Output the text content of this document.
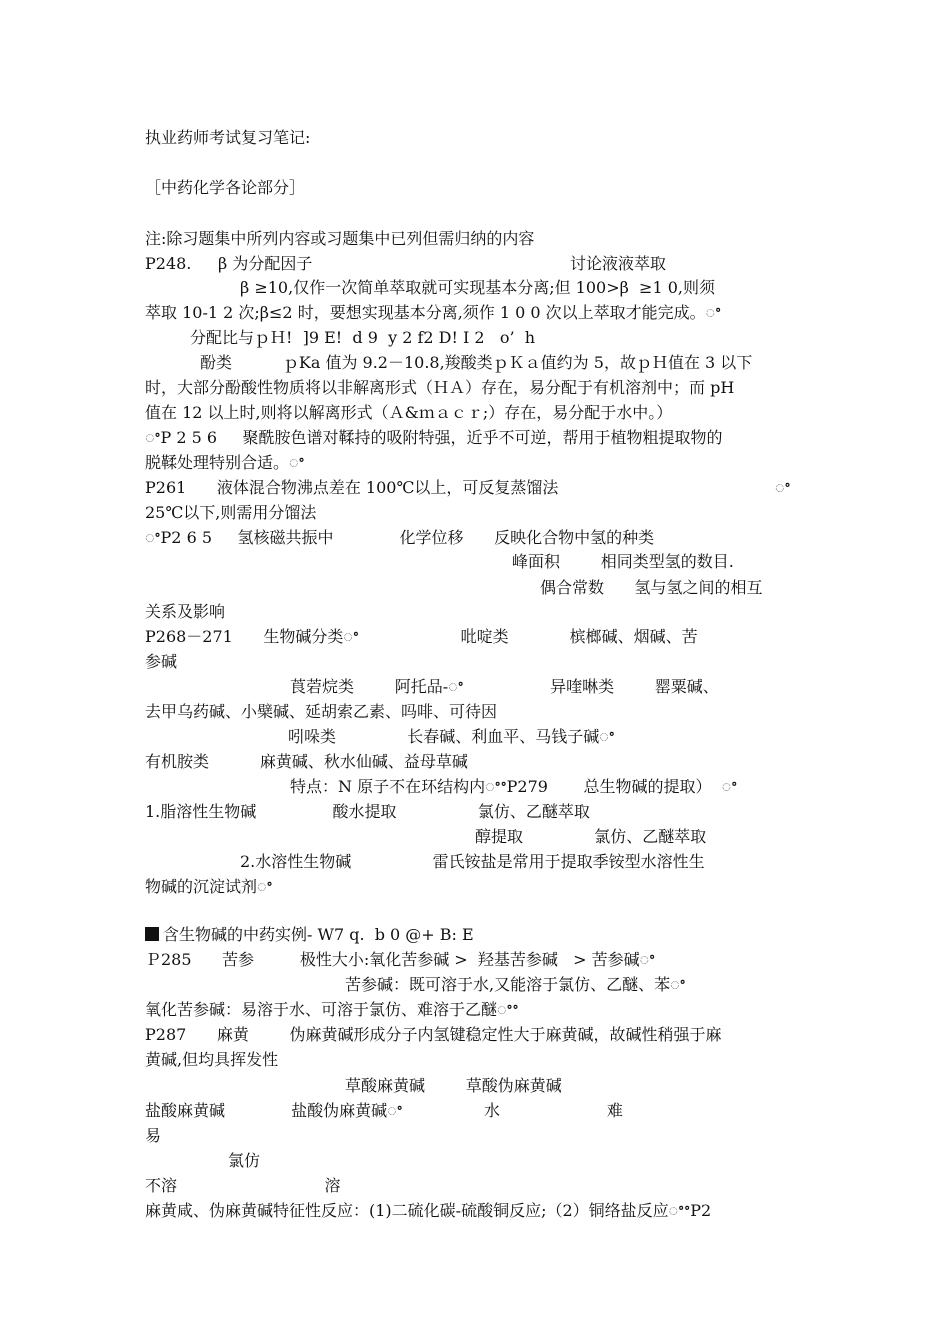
执业药师考试复习笔记:
［中药化学各论部分］
注:除习题集中所列内容或习题集中已列但需归纳的内容
P248. β 为分配因子	讨论液液萃取
β ≥10,仅作一次简单萃取就可实现基本分离;但 100>β  ≥1 0,则须
萃取 10-1 2 次;β≤2 时，要想实现基本分离,须作 1 0 0 次以上萃取才能完成。ꢀ
分配比与ｐＨ!  ]9 E!  d 9  y 2 f2 D! I 2   o’  h
酚类          ｐKa 值为 9.2－10.8,羧酸类ｐＫａ值约为 5，故ｐＨ值在 3 以下
时，大部分酚酸性物质将以非解离形式（ＨＡ）存在，易分配于有机溶剂中；而 pH
值在 12 以上时,则将以解离形式（Ａ&ｍａｃｒ;）存在，易分配于水中。）
ꢀP 2 5 6     聚酰胺色谱对鞣持的吸附特强，近乎不可逆，帮用于植物粗提取物的
脱鞣处理特别合适。ꢀ
P261      液体混合物沸点差在 100℃以上，可反复蒸馏法	ꢀ
25℃以下,则需用分馏法
ꢀP2 6 5     氢核磁共振中             化学位移      反映化合物中氢的种类
峰面积        相同类型氢的数目.
偶合常数      氢与氢之间的相互
关系及影响
P268－271      生物碱分类ꢀ                    吡啶类            槟榔碱、烟碱、苦
参碱
莨菪烷类        阿托品-ꢀ                 异喹啉类        罂粟碱、
去甲乌药碱、小檗碱、延胡索乙素、吗啡、可待因
吲哚类              长春碱、利血平、马钱子碱ꢀ
有机胺类          麻黄碱、秋水仙碱、益母草碱
特点：N 原子不在环结构内ꢀꢀP279       总生物碱的提取）  ꢀ
1.脂溶性生物碱               酸水提取                氯仿、乙醚萃取
醇提取              氯仿、乙醚萃取
2.水溶性生物碱                雷氏铵盐是常用于提取季铵型水溶性生
物碱的沉淀试剂ꢀ
含生物碱的中药实例- W7 q.  b 0 @+ B: E
Ｐ285      苦参         极性大小:氧化苦参碱 >  羟基苦参碱   > 苦参碱ꢀ
苦参碱：既可溶于水,又能溶于氯仿、乙醚、苯ꢀ
氧化苦参碱：易溶于水、可溶于氯仿、难溶于乙醚ꢀꢀ
P287      麻黄        伪麻黄碱形成分子内氢键稳定性大于麻黄碱，故碱性稍强于麻
黄碱,但均具挥发性
草酸麻黄碱        草酸伪麻黄碱
盐酸麻黄碱             盐酸伪麻黄碱ꢀ                水                     难
易
氯仿
不溶                             溶
麻黄咸、伪麻黄碱特征性反应：(1)二硫化碳-硫酸铜反应;（2）铜络盐反应ꢀꢀP2
